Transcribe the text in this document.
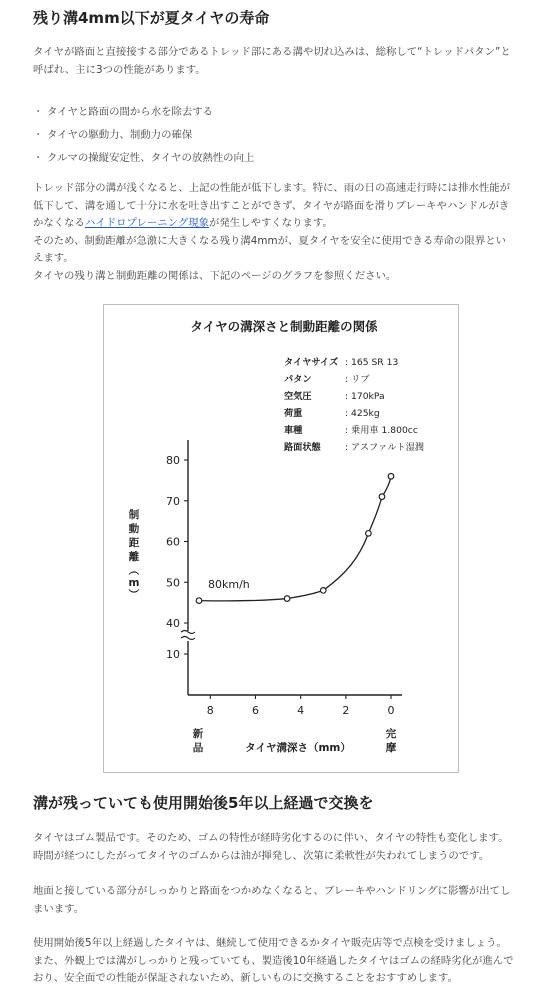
残り溝4mm以下が夏タイヤの寿命

タイヤが路面と直接接する部分であるトレッド部にある溝や切れ込みは、総称して“トレッドパタン”と
呼ばれ、主に3つの性能があります。

・ タイヤと路面の間から水を除去する
・ タイヤの駆動力、制動力の確保
・ クルマの操縦安定性、タイヤの放熱性の向上

トレッド部分の溝が浅くなると、上記の性能が低下します。特に、雨の日の高速走行時には排水性能が
低下して、溝を通して十分に水を吐き出すことができず、タイヤが路面を滑りブレーキやハンドルがき
かなくなるハイドロプレーニング現象が発生しやすくなります。
そのため、制動距離が急激に大きくなる残り溝4mmが、夏タイヤを安全に使用できる寿命の限界とい
えます。
タイヤの残り溝と制動距離の関係は、下記のページのグラフを参照ください。

タイヤの溝深さと制動距離の関係
タイヤサイズ : 165 SR 13
パタン	: リブ
空気圧	: 170kPa
荷重	: 425kg
車種	: 乗用車 1.800cc
路面状態	: アスファルト湿潤
10
40
50
60
70
80
8	6	4	2	0
80km/h
制
動
距
離
（
m
）
新
品	タイヤ溝深さ（mm）
完
摩
溝が残っていても使用開始後5年以上経過で交換を

タイヤはゴム製品です。そのため、ゴムの特性が経時劣化するのに伴い、タイヤの特性も変化します。
時間が経つにしたがってタイヤのゴムからは油が揮発し、次第に柔軟性が失われてしまうのです。

地面と接している部分がしっかりと路面をつかめなくなると、ブレーキやハンドリングに影響が出てし
まいます。

使用開始後5年以上経過したタイヤは、継続して使用できるかタイヤ販売店等で点検を受けましょう。
また、外観上では溝がしっかりと残っていても、製造後10年経過したタイヤはゴムの経時劣化が進んで
おり、安全面での性能が保証されないため、新しいものに交換することをおすすめします。
